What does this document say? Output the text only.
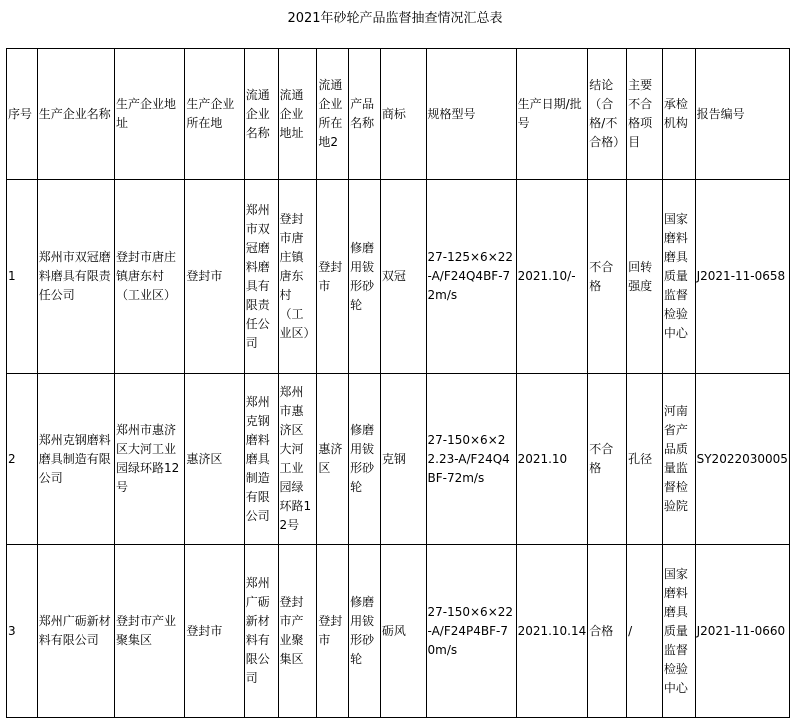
2021年砂轮产品监督抽查情况汇总表
序号	生产企业名称	生产企业地址	生产企业所在地	流通企业名称	流通企业地址	流通企业所在地2	产品名称	商标	规格型号	生产日期/批号	结论（合格/不合格）	主要不合格项目	承检机构	报告编号
1	郑州市双冠磨料磨具有限责任公司	登封市唐庄镇唐东村（工业区）	登封市	郑州市双冠磨料磨具有限责任公司	登封市唐庄镇唐东村（工业区）	登封市	修磨用钹形砂轮	双冠	27-125×6×22-A/F24Q4BF-72m/s	2021.10/-	不合格	回转强度	国家磨料磨具质量监督检验中心	J2021-11-0658
2	郑州克钢磨料磨具制造有限公司	郑州市惠济区大河工业园绿环路12号	惠济区	郑州克钢磨料磨具制造有限公司	郑州市惠济区大河工业园绿环路12号	惠济区	修磨用钹形砂轮	克钢	27-150×6×22.23-A/F24Q4BF-72m/s	2021.10	不合格	孔径	河南省产品质量监督检验院	SY2022030005
3	郑州广砺新材料有限公司	登封市产业聚集区	登封市	郑州广砺新材料有限公司	登封市产业聚集区	登封市	修磨用钹形砂轮	砺风	27-150×6×22-A/F24P4BF-70m/s	2021.10.14	合格	/	国家磨料磨具质量监督检验中心	J2021-11-0660
